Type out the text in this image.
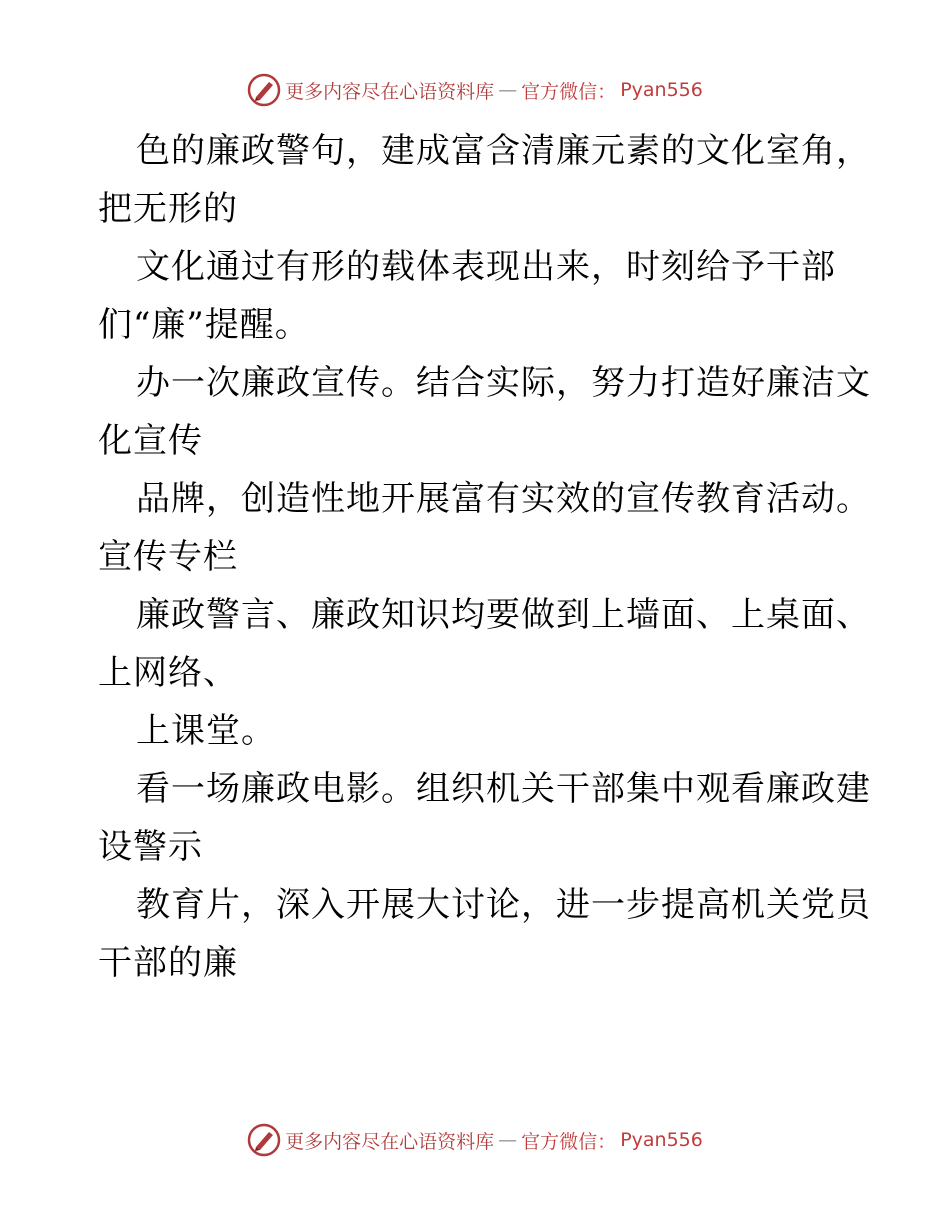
更多内容尽在心语资料库 — 官方微信： Pyan556
色的廉政警句，建成富含清廉元素的文化室角，
把无形的
文化通过有形的载体表现出来，时刻给予干部
们“廉”提醒。
办一次廉政宣传。结合实际，努力打造好廉洁文
化宣传
品牌，创造性地开展富有实效的宣传教育活动。
宣传专栏
廉政警言、廉政知识均要做到上墙面、上桌面、
上网络、
上课堂。
看一场廉政电影。组织机关干部集中观看廉政建
设警示
教育片，深入开展大讨论，进一步提高机关党员
干部的廉
更多内容尽在心语资料库 — 官方微信： Pyan556
